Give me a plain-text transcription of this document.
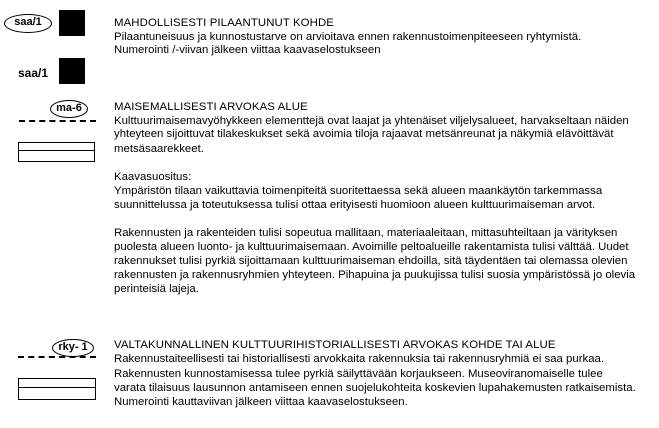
saa/1
saa/1
MAHDOLLISESTI PILAANTUNUT KOHDE
Pilaantuneisuus ja kunnostustarve on arvioitava ennen rakennustoimenpiteeseen ryhtymistä.
Numerointi /-viivan jälkeen viittaa kaavaselostukseen
ma-6	MAISEMALLISESTI ARVOKAS ALUE
Kulttuurimaisemavyöhykkeen elementtejä ovat laajat ja yhtenäiset viljelysalueet, harvakseltaan näiden
yhteyteen sijoittuvat tilakeskukset sekä avoimia tiloja rajaavat metsänreunat ja näkymiä elävöittävät
metsäsaarekkeet.
Kaavasuositus:
Ympäristön tilaan vaikuttavia toimenpiteitä suoritettaessa sekä alueen maankäytön tarkemmassa
suunnittelussa ja toteutuksessa tulisi ottaa erityisesti huomioon alueen kulttuurimaiseman arvot.
Rakennusten ja rakenteiden tulisi sopeutua mallitaan, materiaaleitaan, mittasuhteiltaan ja värityksen
puolesta alueen luonto- ja kulttuurimaisemaan. Avoimille peltoalueille rakentamista tulisi välttää. Uudet
rakennukset tulisi pyrkiä sijoittamaan kulttuurimaiseman ehdoilla, sitä täydentäen tai olemassa olevien
rakennusten ja rakennusryhmien yhteyteen. Pihapuina ja puukujissa tulisi suosia ympäristössä jo olevia
perinteisiä lajeja.
rky- 1	VALTAKUNNALLINEN KULTTUURIHISTORIALLISESTI ARVOKAS KOHDE TAI ALUE
Rakennustaiteellisesti tai historiallisesti arvokkaita rakennuksia tai rakennusryhmiä ei saa purkaa.
Rakennusten kunnostamisessa tulee pyrkiä säilyttävään korjaukseen. Museoviranomaiselle tulee
varata tilaisuus lausunnon antamiseen ennen suojelukohteita koskevien lupahakemusten ratkaisemista.
Numerointi kauttaviivan jälkeen viittaa kaavaselostukseen.
